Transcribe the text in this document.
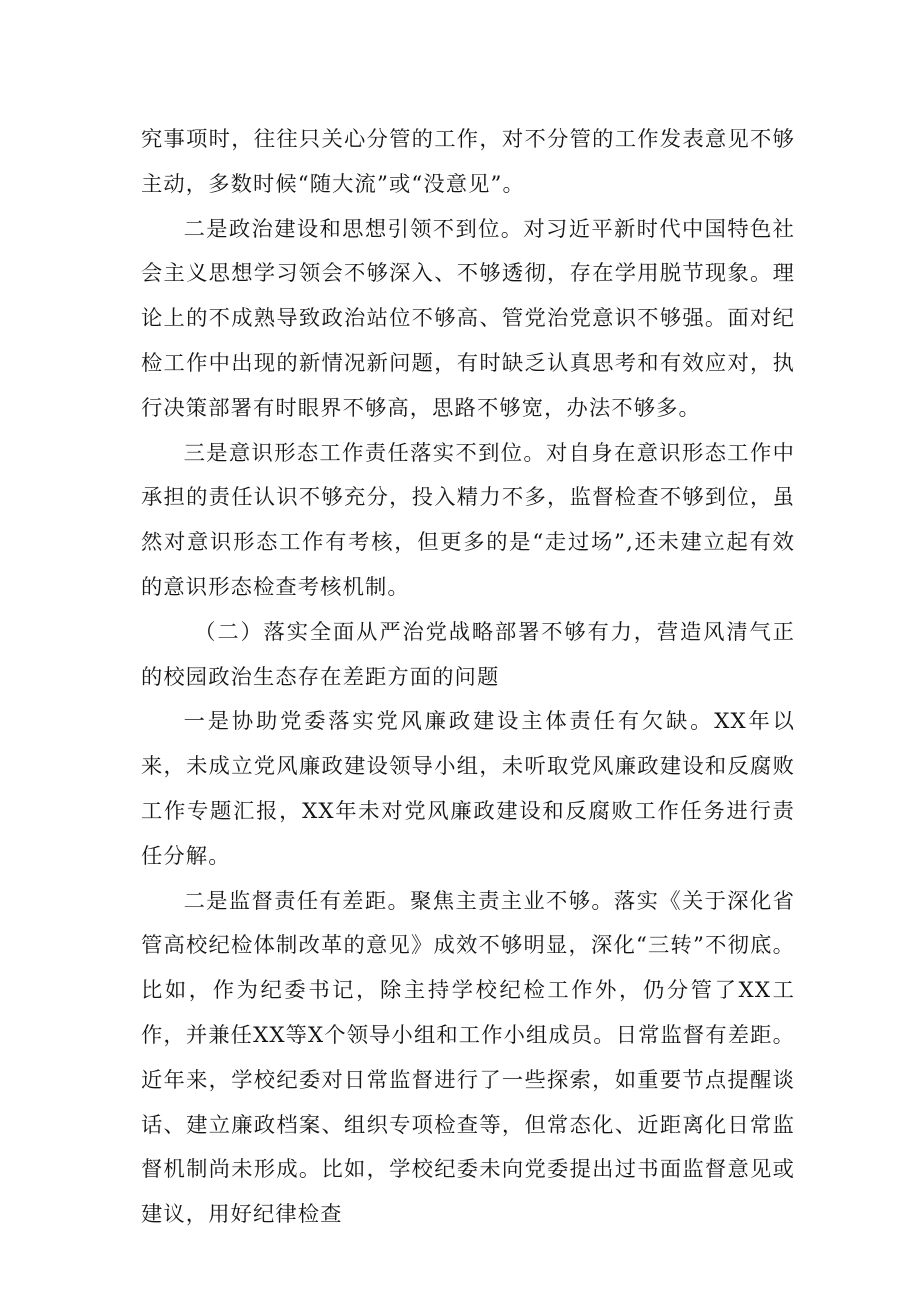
究事项时，往往只关心分管的工作，对不分管的工作发表意见不够主动，多数时候“随大流”或“没意见”。

二是政治建设和思想引领不到位。对习近平新时代中国特色社会主义思想学习领会不够深入、不够透彻，存在学用脱节现象。理论上的不成熟导致政治站位不够高、管党治党意识不够强。面对纪检工作中出现的新情况新问题，有时缺乏认真思考和有效应对，执行决策部署有时眼界不够高，思路不够宽，办法不够多。

三是意识形态工作责任落实不到位。对自身在意识形态工作中承担的责任认识不够充分，投入精力不多，监督检查不够到位，虽然对意识形态工作有考核，但更多的是“走过场”,还未建立起有效的意识形态检查考核机制。

（二）落实全面从严治党战略部署不够有力，营造风清气正的校园政治生态存在差距方面的问题

一是协助党委落实党风廉政建设主体责任有欠缺。XX年以来，未成立党风廉政建设领导小组，未听取党风廉政建设和反腐败工作专题汇报，XX年未对党风廉政建设和反腐败工作任务进行责任分解。

二是监督责任有差距。聚焦主责主业不够。落实《关于深化省管高校纪检体制改革的意见》成效不够明显，深化“三转”不彻底。比如，作为纪委书记，除主持学校纪检工作外，仍分管了XX工作，并兼任XX等X个领导小组和工作小组成员。日常监督有差距。近年来，学校纪委对日常监督进行了一些探索，如重要节点提醒谈话、建立廉政档案、组织专项检查等，但常态化、近距离化日常监督机制尚未形成。比如，学校纪委未向党委提出过书面监督意见或建议，用好纪律检查
